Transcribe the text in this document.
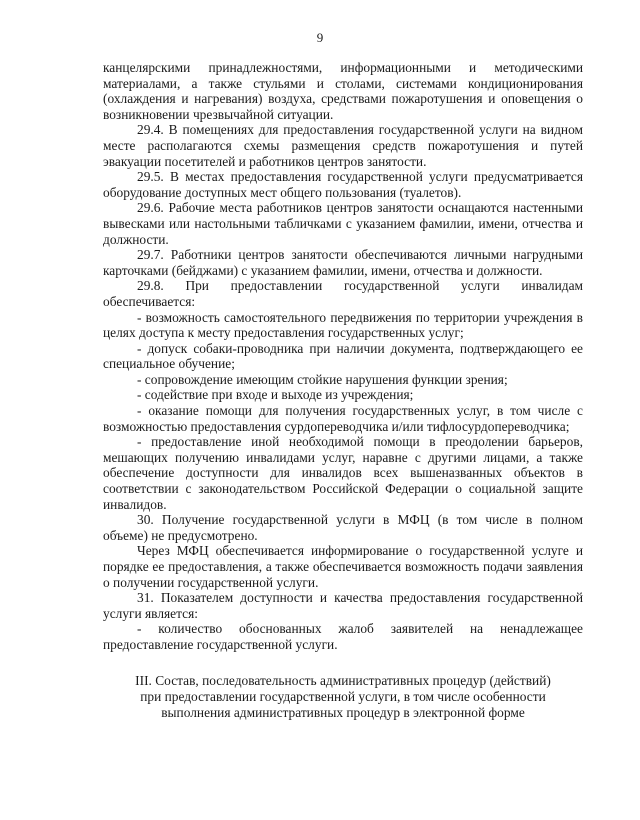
9

канцелярскими принадлежностями, информационными и методическими материалами, а также стульями и столами, системами кондиционирования (охлаждения и нагревания) воздуха, средствами пожаротушения и оповещения о возникновении чрезвычайной ситуации.

29.4. В помещениях для предоставления государственной услуги на видном месте располагаются схемы размещения средств пожаротушения и путей эвакуации посетителей и работников центров занятости.

29.5. В местах предоставления государственной услуги предусматривается оборудование доступных мест общего пользования (туалетов).

29.6. Рабочие места работников центров занятости оснащаются настенными вывесками или настольными табличками с указанием фамилии, имени, отчества и должности.

29.7. Работники центров занятости обеспечиваются личными нагрудными карточками (бейджами) с указанием фамилии, имени, отчества и должности.

29.8. При предоставлении государственной услуги инвалидам обеспечивается:

- возможность самостоятельного передвижения по территории учреждения в целях доступа к месту предоставления государственных услуг;

- допуск собаки-проводника при наличии документа, подтверждающего ее специальное обучение;

- сопровождение имеющим стойкие нарушения функции зрения;

- содействие при входе и выходе из учреждения;

- оказание помощи для получения государственных услуг, в том числе с возможностью предоставления сурдопереводчика и/или тифлосурдопереводчика;

- предоставление иной необходимой помощи в преодолении барьеров, мешающих получению инвалидами услуг, наравне с другими лицами, а также обеспечение доступности для инвалидов всех вышеназванных объектов в соответствии с законодательством Российской Федерации о социальной защите инвалидов.

30. Получение государственной услуги в МФЦ (в том числе в полном объеме) не предусмотрено.

Через МФЦ обеспечивается информирование о государственной услуге и порядке ее предоставления, а также обеспечивается возможность подачи заявления о получении государственной услуги.

31. Показателем доступности и качества предоставления государственной услуги является:

- количество обоснованных жалоб заявителей на ненадлежащее предоставление государственной услуги.

III. Состав, последовательность административных процедур (действий)
при предоставлении государственной услуги, в том числе особенности
выполнения административных процедур в электронной форме
